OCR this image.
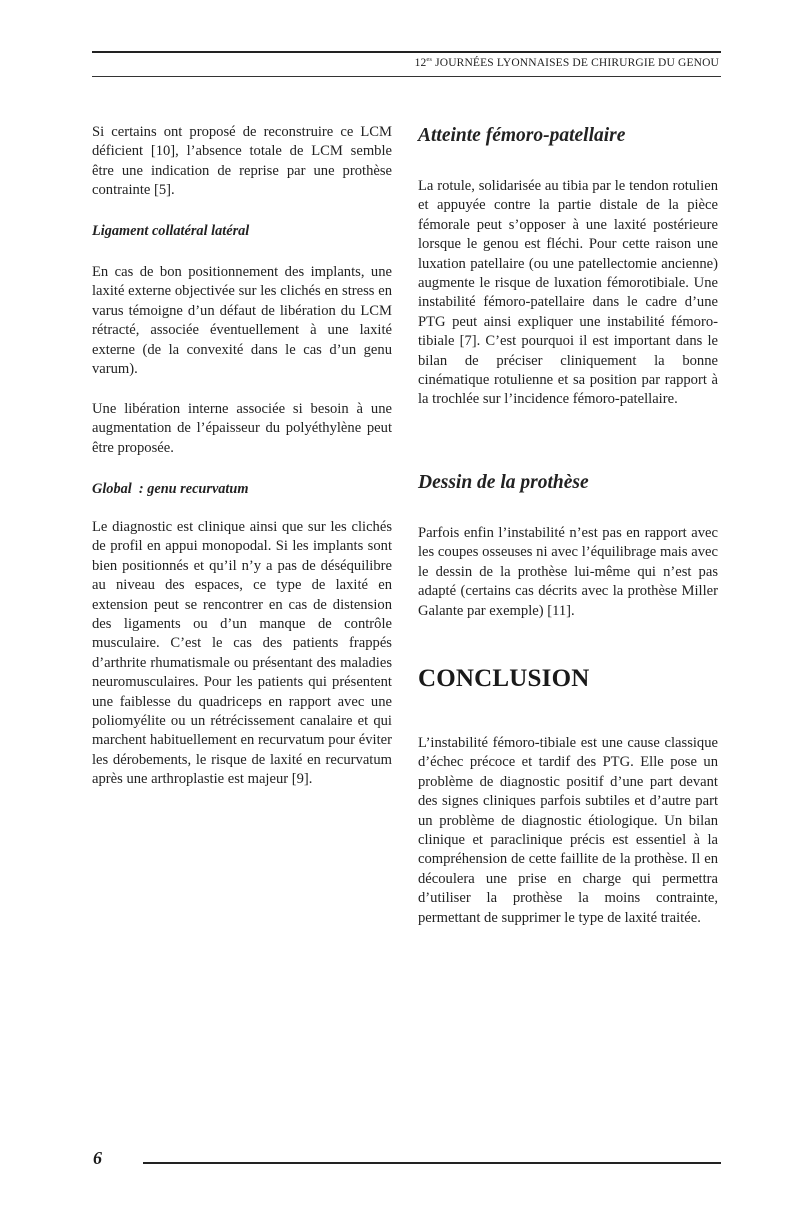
$12^{es}$ JOURNÉES LYONNAISES DE CHIRURGIE DU GENOU

Si certains ont proposé de reconstruire ce LCM déficient [10], l’absence totale de LCM semble être une indication de reprise par une prothèse contrainte [5].

Ligament collatéral latéral

En cas de bon positionnement des implants, une laxité externe objectivée sur les clichés en stress en varus témoigne d’un défaut de libération du LCM rétracté, associée éventuellement à une laxité externe (de la convexité dans le cas d’un genu varum).

Une libération interne associée si besoin à une augmentation de l’épaisseur du polyéthylène peut être proposée.

Global  : genu recurvatum

Le diagnostic est clinique ainsi que sur les clichés de profil en appui monopodal. Si les implants sont bien positionnés et qu’il n’y a pas de déséquilibre au niveau des espaces, ce type de laxité en extension peut se rencontrer en cas de distension des ligaments ou d’un manque de contrôle musculaire. C’est le cas des patients frappés d’arthrite rhumatismale ou présentant des maladies neuromusculaires. Pour les patients qui présentent une faiblesse du quadriceps en rapport avec une poliomyélite ou un rétrécissement canalaire et qui marchent habituellement en recurvatum pour éviter les dérobements, le risque de laxité en recurvatum après une arthroplastie est majeur [9].

Atteinte fémoro-patellaire

La rotule, solidarisée au tibia par le tendon rotulien et appuyée contre la partie distale de la pièce fémorale peut s’opposer à une laxité postérieure lorsque le genou est fléchi. Pour cette raison une luxation patellaire (ou une patellectomie ancienne) augmente le risque de luxation fémorotibiale. Une instabilité fémoro-patellaire dans le cadre d’une PTG peut ainsi expliquer une instabilité fémoro-tibiale [7]. C’est pourquoi il est important dans le bilan de préciser cliniquement la bonne cinématique rotulienne et sa position par rapport à la trochlée sur l’incidence fémoro-patellaire.

Dessin de la prothèse

Parfois enfin l’instabilité n’est pas en rapport avec les coupes osseuses ni avec l’équilibrage mais avec le dessin de la prothèse lui-même qui n’est pas adapté (certains cas décrits avec la prothèse Miller Galante par exemple) [11].

CONCLUSION

L’instabilité fémoro-tibiale est une cause classique d’échec précoce et tardif des PTG. Elle pose un problème de diagnostic positif d’une part devant des signes cliniques parfois subtiles et d’autre part un problème de diagnostic étiologique. Un bilan clinique et paraclinique précis est essentiel à la compréhension de cette faillite de la prothèse. Il en découlera une prise en charge qui permettra d’utiliser la prothèse la moins contrainte, permettant de supprimer le type de laxité traitée.

6
